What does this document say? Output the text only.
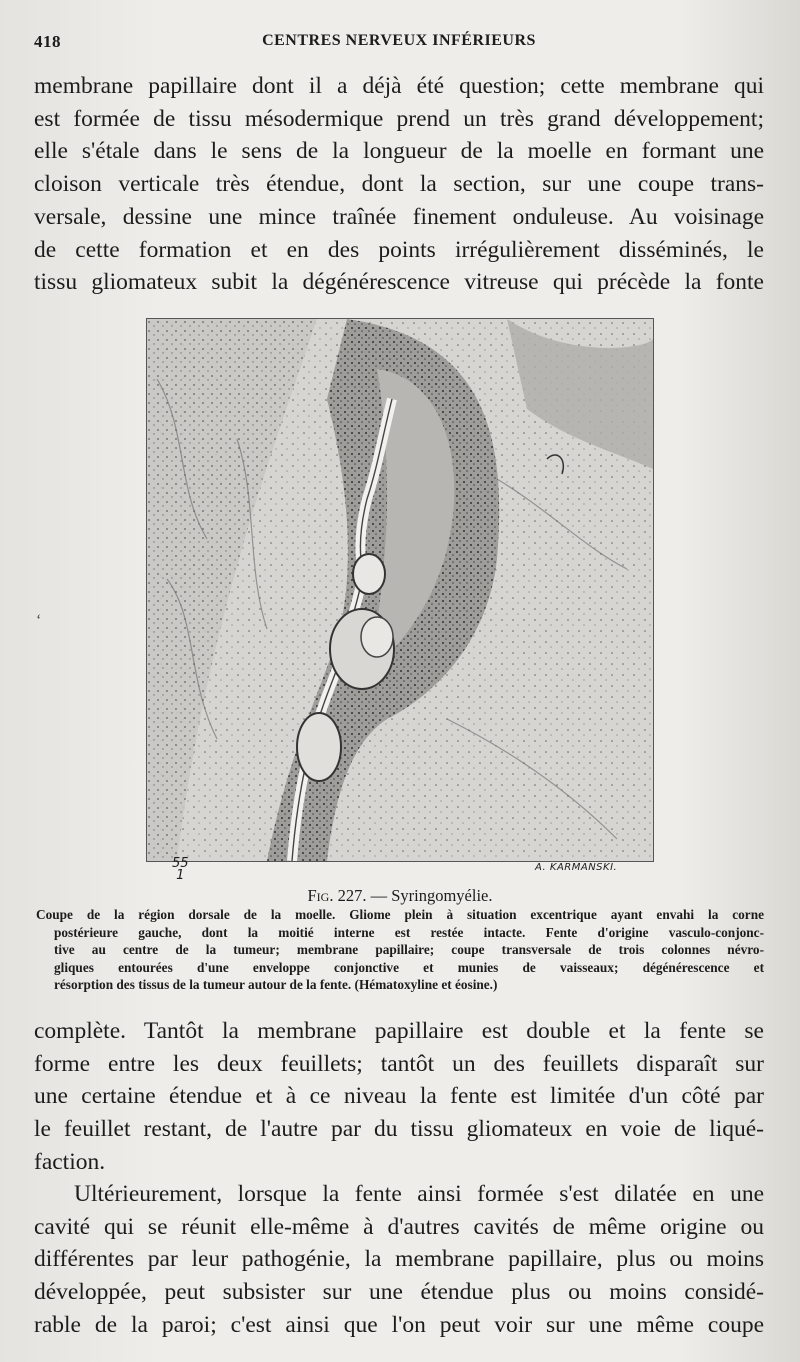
418	CENTRES NERVEUX INFÉRIEURS
membrane papillaire dont il a déjà été question; cette membrane qui
est formée de tissu mésodermique prend un très grand développement;
elle s'étale dans le sens de la longueur de la moelle en formant une
cloison verticale très étendue, dont la section, sur une coupe trans-
versale, dessine une mince traînée finement onduleuse. Au voisinage
de cette formation et en des points irrégulièrement disséminés, le
tissu gliomateux subit la dégénérescence vitreuse qui précède la fonte
‘
55
1
A. KARMANSKI.
Fig. 227. — Syringomyélie.
Coupe de la région dorsale de la moelle. Gliome plein à situation excentrique ayant envahi la corne
postérieure gauche, dont la moitié interne est restée intacte. Fente d'origine vasculo-conjonc-
tive au centre de la tumeur; membrane papillaire; coupe transversale de trois colonnes névro-
gliques entourées d'une enveloppe conjonctive et munies de vaisseaux; dégénérescence et
résorption des tissus de la tumeur autour de la fente. (Hématoxyline et éosine.)
complète. Tantôt la membrane papillaire est double et la fente se
forme entre les deux feuillets; tantôt un des feuillets disparaît sur
une certaine étendue et à ce niveau la fente est limitée d'un côté par
le feuillet restant, de l'autre par du tissu gliomateux en voie de liqué-
faction.
Ultérieurement, lorsque la fente ainsi formée s'est dilatée en une
cavité qui se réunit elle-même à d'autres cavités de même origine ou
différentes par leur pathogénie, la membrane papillaire, plus ou moins
développée, peut subsister sur une étendue plus ou moins considé-
rable de la paroi; c'est ainsi que l'on peut voir sur une même coupe
